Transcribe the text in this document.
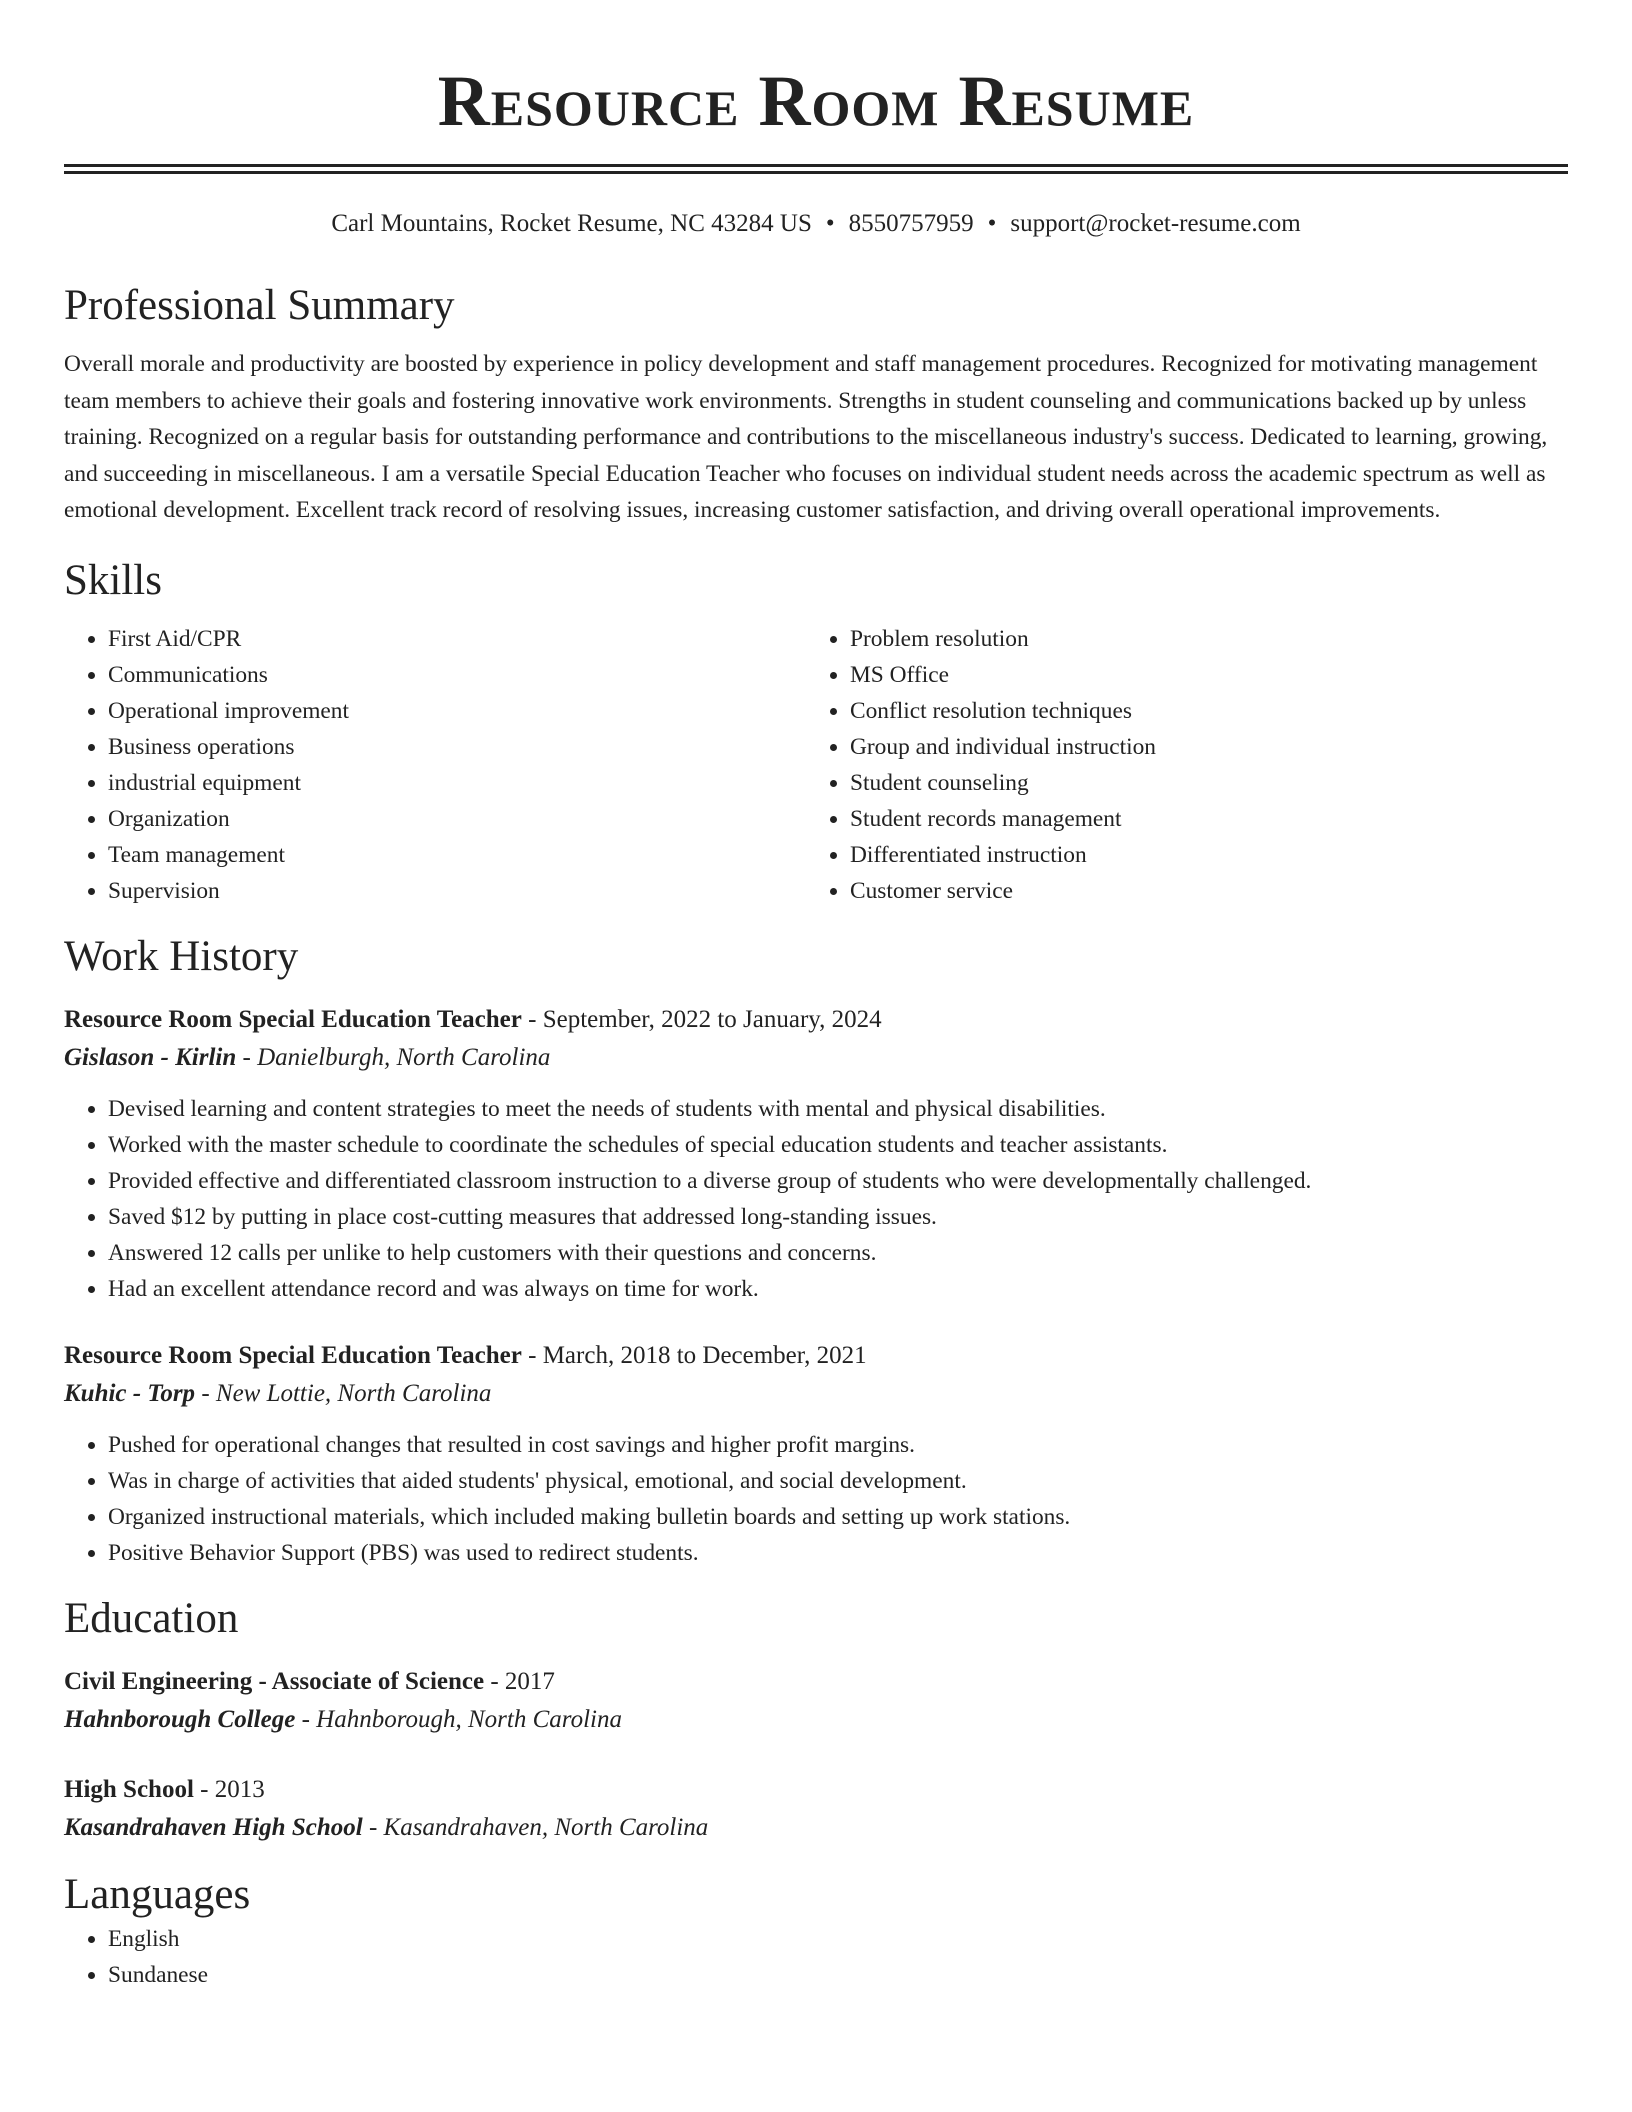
Resource Room Resume
Carl Mountains, Rocket Resume, NC 43284 US • 8550757959 • support@rocket-resume.com
Professional Summary

Overall morale and productivity are boosted by experience in policy development and staff management procedures. Recognized for motivating management team members to achieve their goals and fostering innovative work environments. Strengths in student counseling and communications backed up by unless training. Recognized on a regular basis for outstanding performance and contributions to the miscellaneous industry's success. Dedicated to learning, growing, and succeeding in miscellaneous. I am a versatile Special Education Teacher who focuses on individual student needs across the academic spectrum as well as emotional development. Excellent track record of resolving issues, increasing customer satisfaction, and driving overall operational improvements.

Skills
• First Aid/CPR
• Communications
• Operational improvement
• Business operations
• industrial equipment
• Organization
• Team management
• Supervision
• Problem resolution
• MS Office
• Conflict resolution techniques
• Group and individual instruction
• Student counseling
• Student records management
• Differentiated instruction
• Customer service
Work History
Resource Room Special Education Teacher - September, 2022 to January, 2024
Gislason - Kirlin - Danielburgh, North Carolina
• Devised learning and content strategies to meet the needs of students with mental and physical disabilities.
• Worked with the master schedule to coordinate the schedules of special education students and teacher assistants.
• Provided effective and differentiated classroom instruction to a diverse group of students who were developmentally challenged.
• Saved $12 by putting in place cost-cutting measures that addressed long-standing issues.
• Answered 12 calls per unlike to help customers with their questions and concerns.
• Had an excellent attendance record and was always on time for work.
Resource Room Special Education Teacher - March, 2018 to December, 2021
Kuhic - Torp - New Lottie, North Carolina
• Pushed for operational changes that resulted in cost savings and higher profit margins.
• Was in charge of activities that aided students' physical, emotional, and social development.
• Organized instructional materials, which included making bulletin boards and setting up work stations.
• Positive Behavior Support (PBS) was used to redirect students.
Education
Civil Engineering - Associate of Science - 2017
Hahnborough College - Hahnborough, North Carolina
High School - 2013
Kasandrahaven High School - Kasandrahaven, North Carolina
Languages
• English
• Sundanese
